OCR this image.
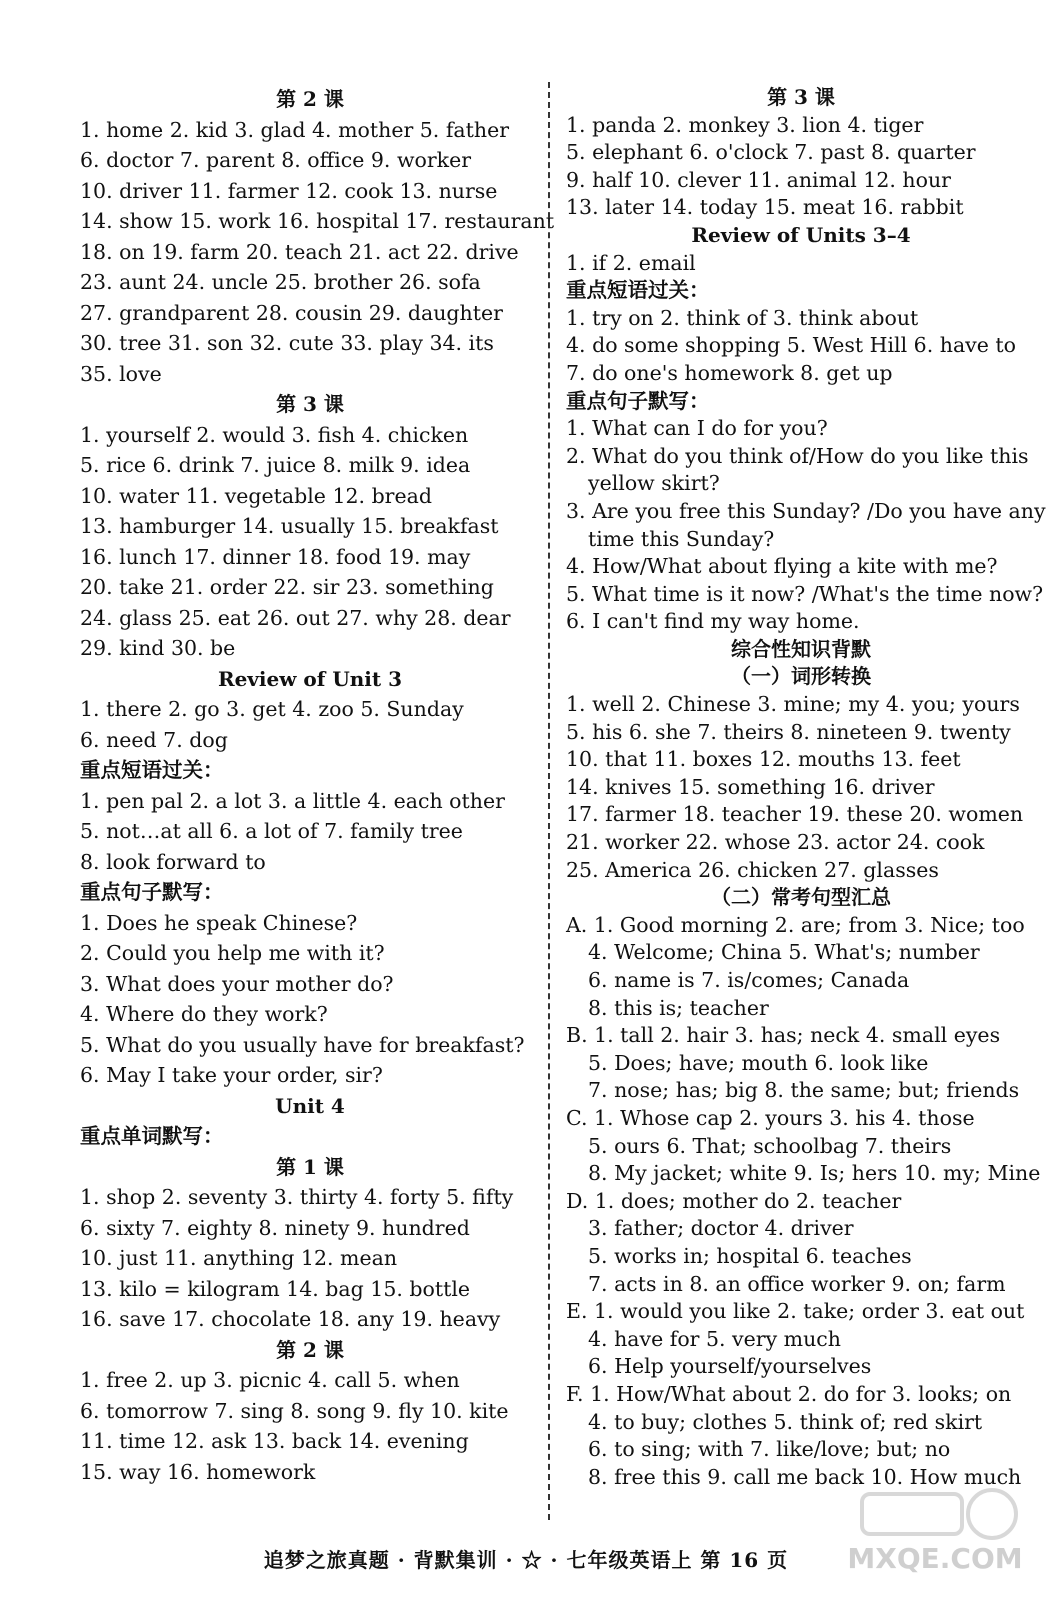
第 2 课
1. home 2. kid 3. glad 4. mother 5. father
6. doctor 7. parent 8. office 9. worker
10. driver 11. farmer 12. cook 13. nurse
14. show 15. work 16. hospital 17. restaurant
18. on 19. farm 20. teach 21. act 22. drive
23. aunt 24. uncle 25. brother 26. sofa
27. grandparent 28. cousin 29. daughter
30. tree 31. son 32. cute 33. play 34. its
35. love
第 3 课
1. yourself 2. would 3. fish 4. chicken
5. rice 6. drink 7. juice 8. milk 9. idea
10. water 11. vegetable 12. bread
13. hamburger 14. usually 15. breakfast
16. lunch 17. dinner 18. food 19. may
20. take 21. order 22. sir 23. something
24. glass 25. eat 26. out 27. why 28. dear
29. kind 30. be
Review of Unit 3
1. there 2. go 3. get 4. zoo 5. Sunday
6. need 7. dog
重点短语过关：
1. pen pal 2. a lot 3. a little 4. each other
5. not…at all 6. a lot of 7. family tree
8. look forward to
重点句子默写：
1. Does he speak Chinese?
2. Could you help me with it?
3. What does your mother do?
4. Where do they work?
5. What do you usually have for breakfast?
6. May I take your order, sir?
Unit 4
重点单词默写：
第 1 课
1. shop 2. seventy 3. thirty 4. forty 5. fifty
6. sixty 7. eighty 8. ninety 9. hundred
10. just 11. anything 12. mean
13. kilo = kilogram 14. bag 15. bottle
16. save 17. chocolate 18. any 19. heavy
第 2 课
1. free 2. up 3. picnic 4. call 5. when
6. tomorrow 7. sing 8. song 9. fly 10. kite
11. time 12. ask 13. back 14. evening
15. way 16. homework
第 3 课
1. panda 2. monkey 3. lion 4. tiger
5. elephant 6. o'clock 7. past 8. quarter
9. half 10. clever 11. animal 12. hour
13. later 14. today 15. meat 16. rabbit
Review of Units 3–4
1. if 2. email
重点短语过关：
1. try on 2. think of 3. think about
4. do some shopping 5. West Hill 6. have to
7. do one's homework 8. get up
重点句子默写：
1. What can I do for you?
2. What do you think of/How do you like this
yellow skirt?
3. Are you free this Sunday? /Do you have any
time this Sunday?
4. How/What about flying a kite with me?
5. What time is it now? /What's the time now?
6. I can't find my way home.
综合性知识背默
（一）词形转换
1. well 2. Chinese 3. mine; my 4. you; yours
5. his 6. she 7. theirs 8. nineteen 9. twenty
10. that 11. boxes 12. mouths 13. feet
14. knives 15. something 16. driver
17. farmer 18. teacher 19. these 20. women
21. worker 22. whose 23. actor 24. cook
25. America 26. chicken 27. glasses
（二）常考句型汇总
A. 1. Good morning 2. are; from 3. Nice; too
4. Welcome; China 5. What's; number
6. name is 7. is/comes; Canada
8. this is; teacher
B. 1. tall 2. hair 3. has; neck 4. small eyes
5. Does; have; mouth 6. look like
7. nose; has; big 8. the same; but; friends
C. 1. Whose cap 2. yours 3. his 4. those
5. ours 6. That; schoolbag 7. theirs
8. My jacket; white 9. Is; hers 10. my; Mine
D. 1. does; mother do 2. teacher
3. father; doctor 4. driver
5. works in; hospital 6. teaches
7. acts in 8. an office worker 9. on; farm
E. 1. would you like 2. take; order 3. eat out
4. have for 5. very much
6. Help yourself/yourselves
F. 1. How/What about 2. do for 3. looks; on
4. to buy; clothes 5. think of; red skirt
6. to sing; with 7. like/love; but; no
8. free this 9. call me back 10. How much
追梦之旅真题 · 背默集训 · ☆ · 七年级英语上 第 16 页	MXQE.COM
